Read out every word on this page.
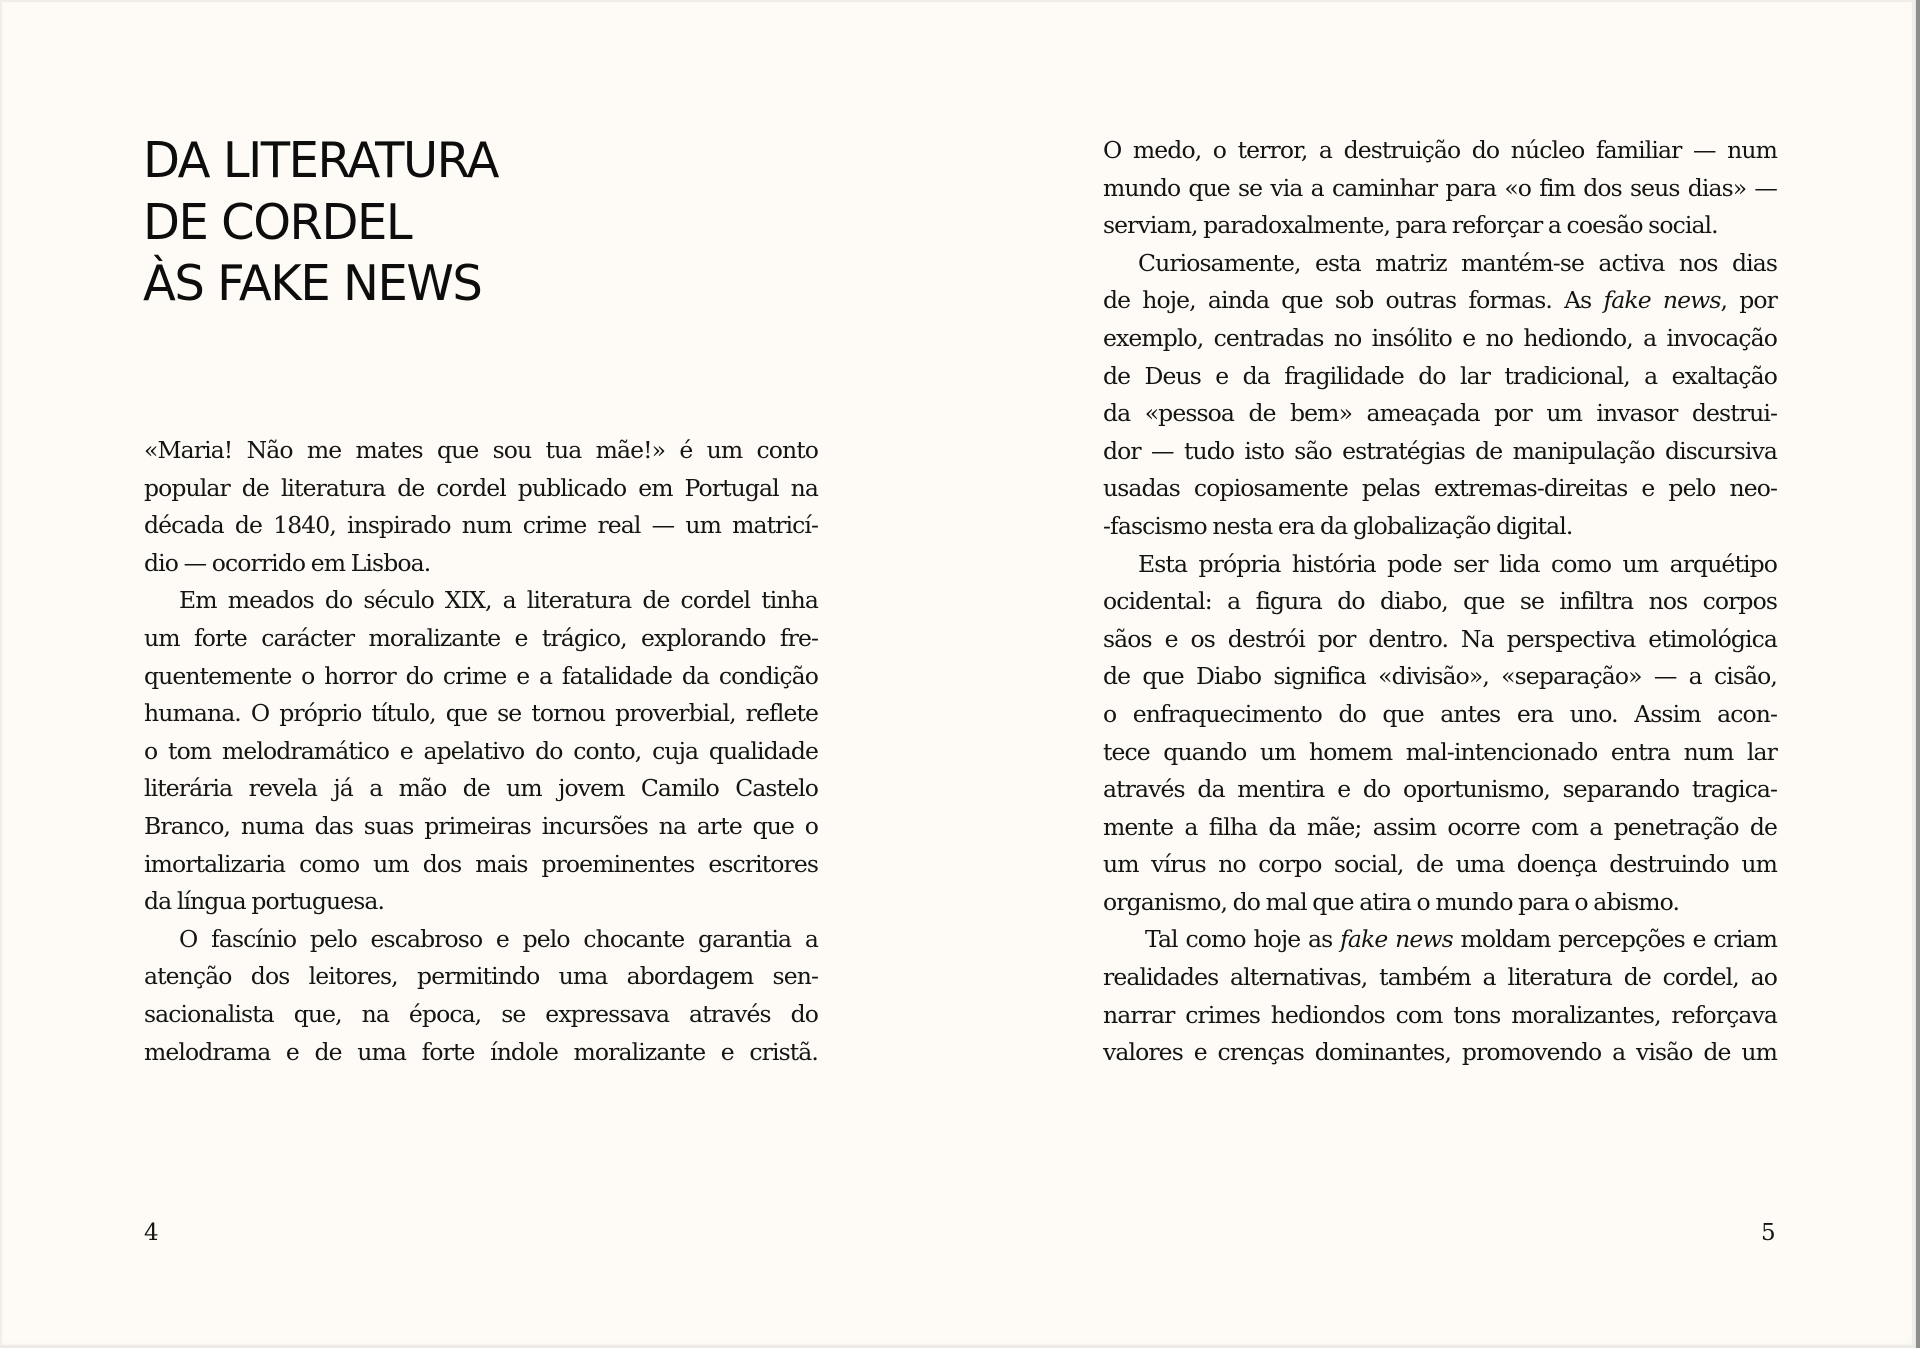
DA LITERATURA
DE CORDEL
ÀS FAKE NEWS
«Maria! Não me mates que sou tua mãe!» é um conto
popular de literatura de cordel publicado em Portugal na
década de 1840, inspirado num crime real — um matricí-
dio — ocorrido em Lisboa.
Em meados do século XIX, a literatura de cordel tinha
um forte carácter moralizante e trágico, explorando fre-
quentemente o horror do crime e a fatalidade da condição
humana. O próprio título, que se tornou proverbial, reflete
o tom melodramático e apelativo do conto, cuja qualidade
literária revela já a mão de um jovem Camilo Castelo
Branco, numa das suas primeiras incursões na arte que o
imortalizaria como um dos mais proeminentes escritores
da língua portuguesa.
O fascínio pelo escabroso e pelo chocante garantia a
atenção dos leitores, permitindo uma abordagem sen-
sacionalista que, na época, se expressava através do
melodrama e de uma forte índole moralizante e cristã.
4
O medo, o terror, a destruição do núcleo familiar — num
mundo que se via a caminhar para «o fim dos seus dias» —
serviam, paradoxalmente, para reforçar a coesão social.
Curiosamente, esta matriz mantém-se activa nos dias
de hoje, ainda que sob outras formas. As fake news, por
exemplo, centradas no insólito e no hediondo, a invocação
de Deus e da fragilidade do lar tradicional, a exaltação
da «pessoa de bem» ameaçada por um invasor destrui-
dor — tudo isto são estratégias de manipulação discursiva
usadas copiosamente pelas extremas-direitas e pelo neo-
-fascismo nesta era da globalização digital.
Esta própria história pode ser lida como um arquétipo
ocidental: a figura do diabo, que se infiltra nos corpos
sãos e os destrói por dentro. Na perspectiva etimológica
de que Diabo significa «divisão», «separação» — a cisão,
o enfraquecimento do que antes era uno. Assim acon-
tece quando um homem mal-intencionado entra num lar
através da mentira e do oportunismo, separando tragica-
mente a filha da mãe; assim ocorre com a penetração de
um vírus no corpo social, de uma doença destruindo um
organismo, do mal que atira o mundo para o abismo.
Tal como hoje as fake news moldam percepções e criam
realidades alternativas, também a literatura de cordel, ao
narrar crimes hediondos com tons moralizantes, reforçava
valores e crenças dominantes, promovendo a visão de um
5
